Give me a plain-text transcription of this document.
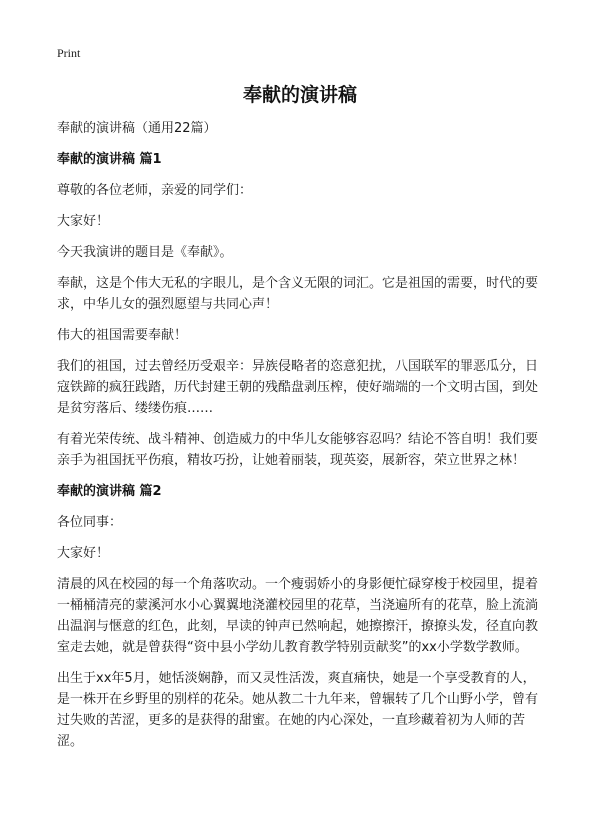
Print
奉献的演讲稿

奉献的演讲稿（通用22篇）

奉献的演讲稿 篇1

尊敬的各位老师，亲爱的同学们：

大家好！

今天我演讲的题目是《奉献》。

奉献，这是个伟大无私的字眼儿，是个含义无限的词汇。它是祖国的需要，时代的要求，中华儿女的强烈愿望与共同心声！

伟大的祖国需要奉献！

我们的祖国，过去曾经历受艰辛：异族侵略者的恣意犯扰，八国联军的罪恶瓜分，日寇铁蹄的疯狂践踏，历代封建王朝的残酷盘剥压榨，使好端端的一个文明古国，到处是贫穷落后、缕缕伤痕……

有着光荣传统、战斗精神、创造威力的中华儿女能够容忍吗？结论不答自明！我们要亲手为祖国抚平伤痕，精妆巧扮，让她着丽装，现英姿，展新容，荣立世界之林！

奉献的演讲稿 篇2

各位同事：

大家好！

清晨的风在校园的每一个角落吹动。一个瘦弱娇小的身影便忙碌穿梭于校园里，提着一桶桶清亮的蒙溪河水小心翼翼地浇灌校园里的花草，当浇遍所有的花草，脸上流淌出温润与惬意的红色，此刻，早读的钟声已然响起，她擦擦汗，撩撩头发，径直向教室走去她，就是曾获得“资中县小学幼儿教育教学特别贡献奖”的xx小学数学教师。

出生于xx年5月，她恬淡娴静，而又灵性活泼，爽直痛快，她是一个享受教育的人，是一株开在乡野里的别样的花朵。她从教二十九年来，曾辗转了几个山野小学，曾有过失败的苦涩，更多的是获得的甜蜜。在她的内心深处，一直珍藏着初为人师的苦涩。
